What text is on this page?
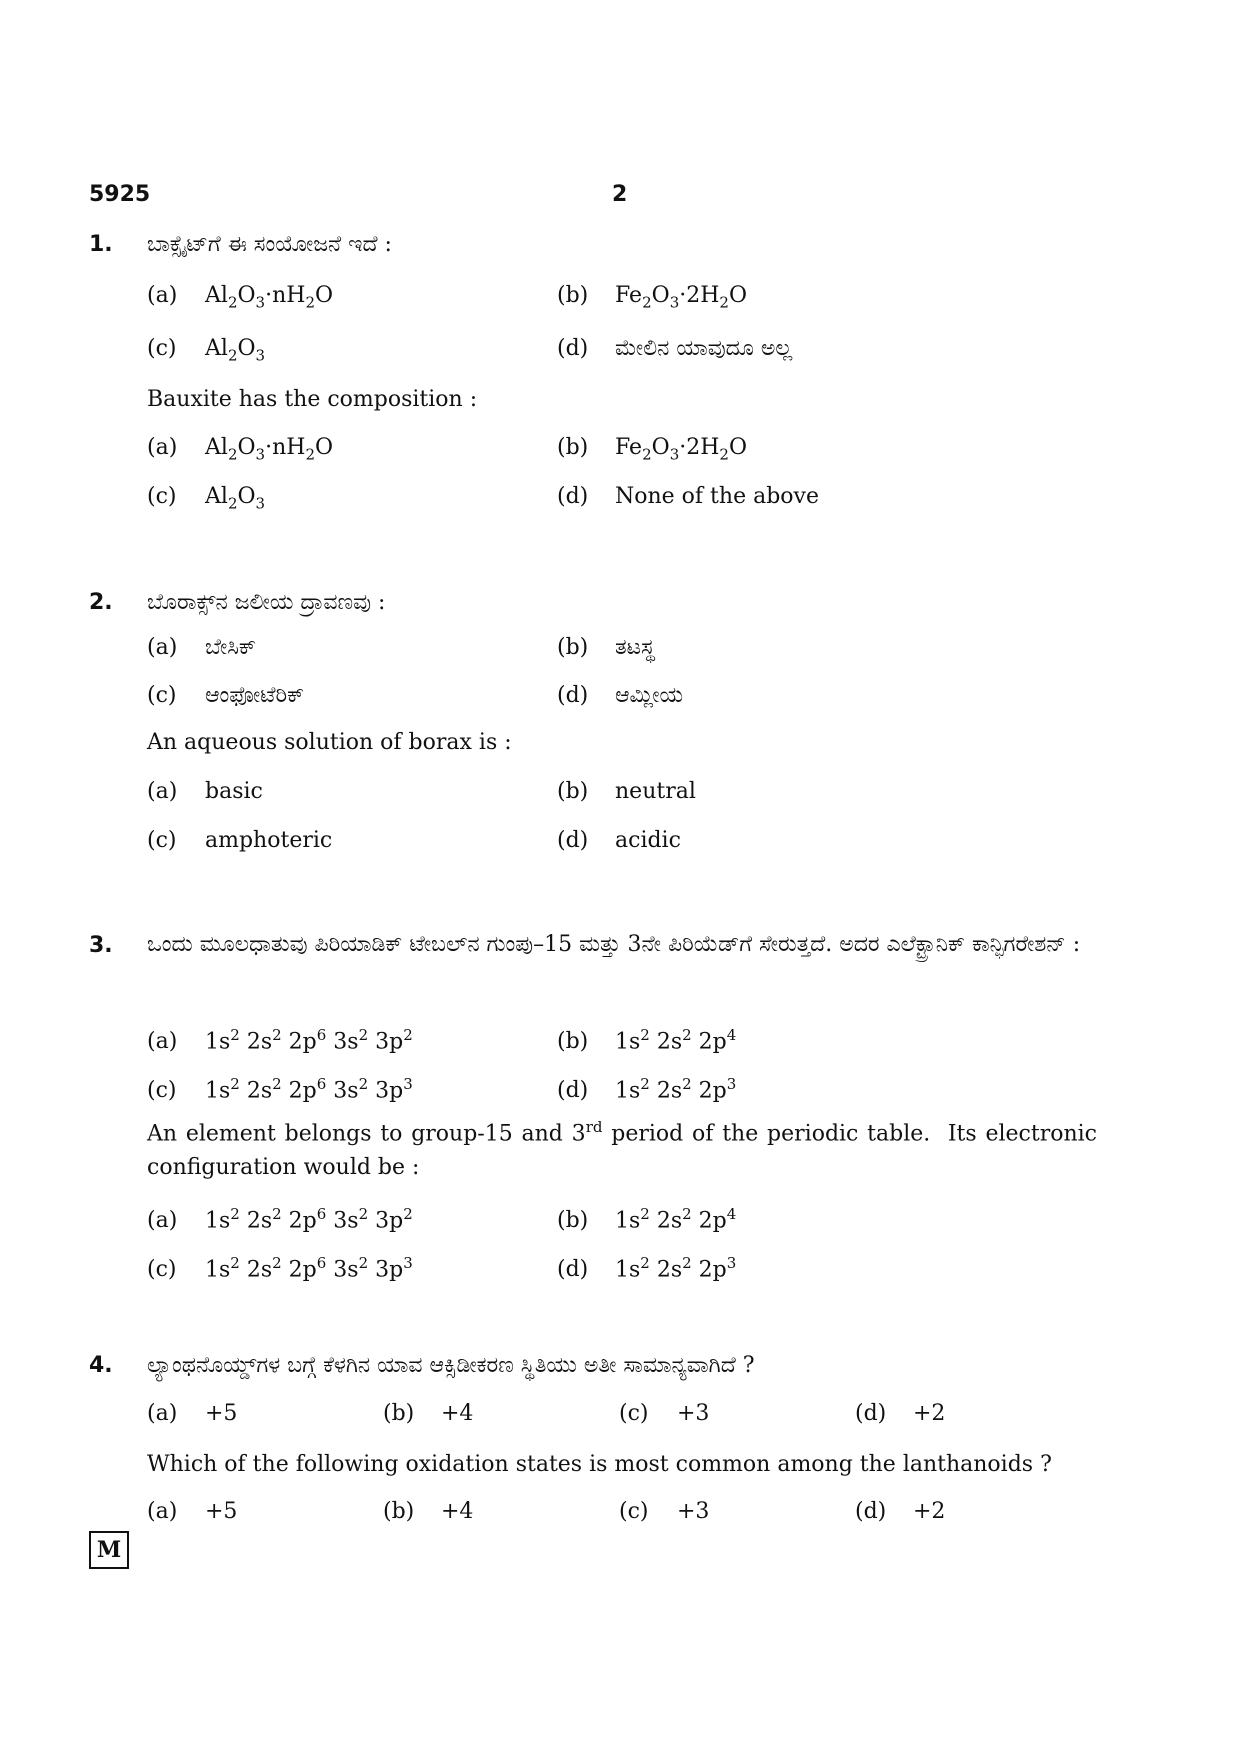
5925	2
1. ಬಾಕ್ಸೈಟ್‌ಗೆ ಈ ಸಂಯೋಜನೆ ಇದೆ :
(a) $Al_2O_3\cdot nH_2O$	(b) $Fe_2O_3\cdot 2H_2O$
(c) $Al_2O_3$	(d) ಮೇಲಿನ ಯಾವುದೂ ಅಲ್ಲ
Bauxite has the composition :
(a) $Al_2O_3\cdot nH_2O$	(b) $Fe_2O_3\cdot 2H_2O$
(c) $Al_2O_3$	(d) None of the above
2. ಬೊರಾಕ್ಸ್‌ನ ಜಲೀಯ ದ್ರಾವಣವು :
(a) ಬೇಸಿಕ್	(b) ತಟಸ್ಥ
(c) ಆಂಫೋಟೆರಿಕ್	(d) ಆಮ್ಲೀಯ
An aqueous solution of borax is :
(a) basic	(b) neutral
(c) amphoteric	(d) acidic
3. ಒಂದು ಮೂಲಧಾತುವು ಪಿರಿಯಾಡಿಕ್ ಟೇಬಲ್‌ನ ಗುಂಪು–15 ಮತ್ತು 3ನೇ ಪಿರಿಯೆಡ್‌ಗೆ ಸೇರುತ್ತದೆ. ಅದರ ಎಲೆಕ್ಟ್ರಾನಿಕ್ ಕಾನ್ಫಿಗರೇಶನ್ :
(a) $1s^2$ $2s^2$ $2p^6$ $3s^2$ $3p^2$	(b) $1s^2$ $2s^2$ $2p^4$
(c) $1s^2$ $2s^2$ $2p^6$ $3s^2$ $3p^3$	(d) $1s^2$ $2s^2$ $2p^3$
An element belongs to group-15 and 3rd period of the periodic table.  Its electronic configuration would be :
(a) $1s^2$ $2s^2$ $2p^6$ $3s^2$ $3p^2$	(b) $1s^2$ $2s^2$ $2p^4$
(c) $1s^2$ $2s^2$ $2p^6$ $3s^2$ $3p^3$	(d) $1s^2$ $2s^2$ $2p^3$
4. ಲ್ಯಾಂಥನೊಯ್ಡ್‌ಗಳ ಬಗ್ಗೆ ಕೆಳಗಿನ ಯಾವ ಆಕ್ಸಿಡೀಕರಣ ಸ್ಥಿತಿಯು ಅತೀ ಸಾಮಾನ್ಯವಾಗಿದೆ ?
(a) +5	(b) +4	(c) +3	(d) +2
Which of the following oxidation states is most common among the lanthanoids ?
(a) +5	(b) +4	(c) +3	(d) +2
M
